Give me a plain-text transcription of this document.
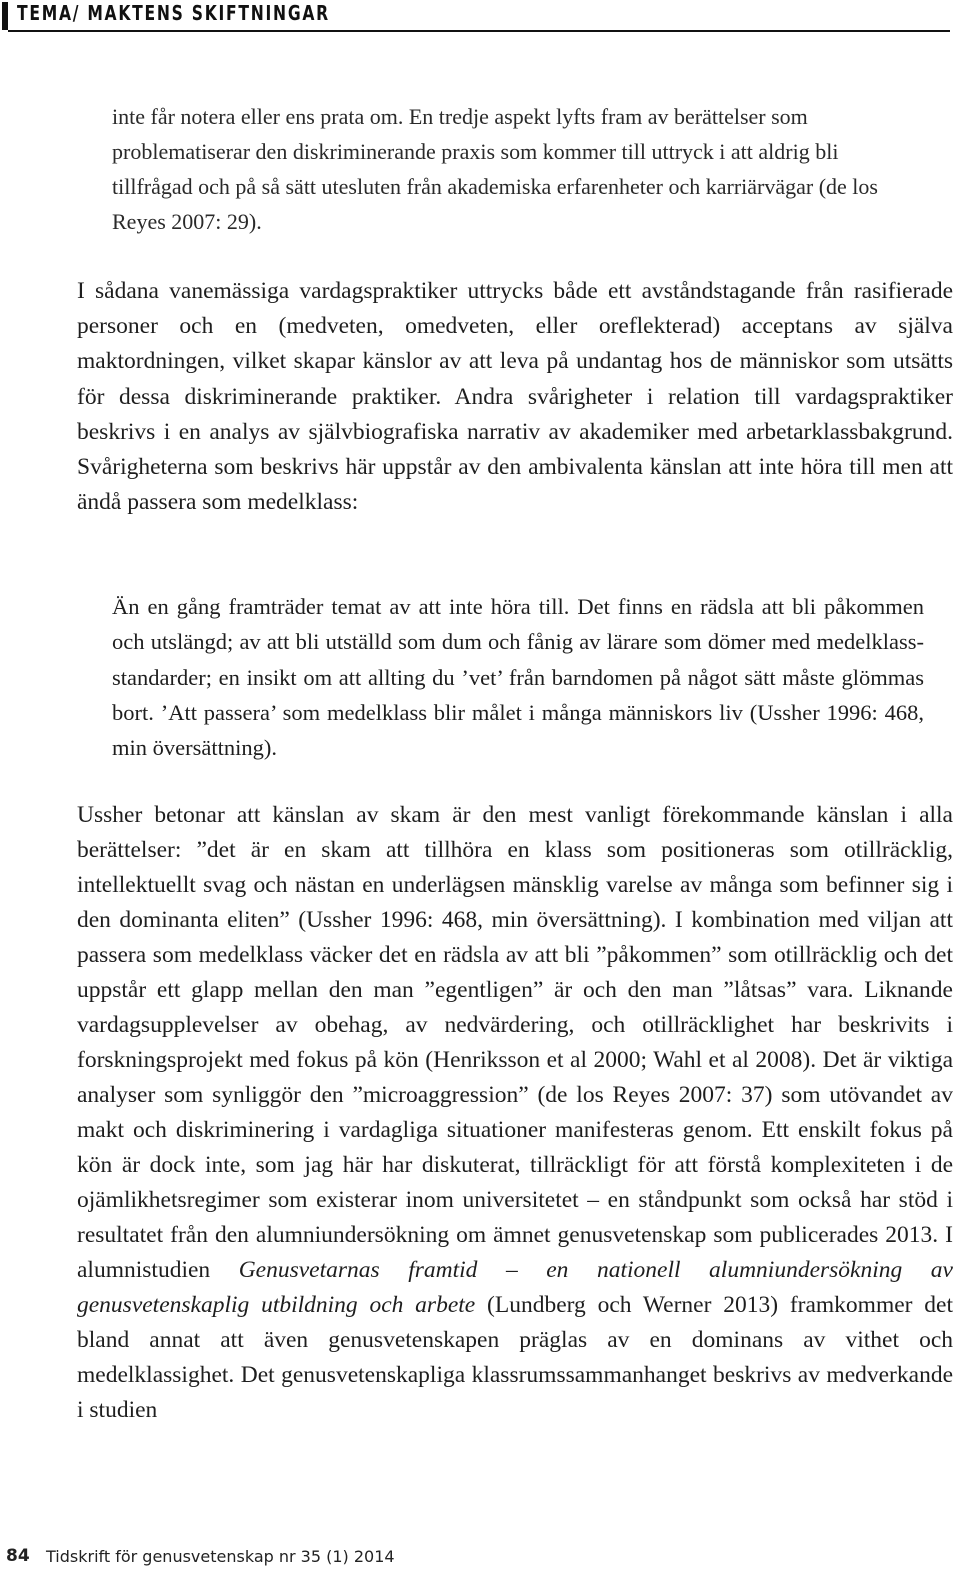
TEMA/ MAKTENS SKIFTNINGAR

inte får notera eller ens prata om. En tredje aspekt lyfts fram av berättelser som problematiserar den diskriminerande praxis som kommer till uttryck i att aldrig bli tillfrågad och på så sätt utesluten från akademiska erfarenheter och karriärvägar (de los Reyes 2007: 29).

I sådana vanemässiga vardagspraktiker uttrycks både ett avståndstagande från rasifierade personer och en (medveten, omedveten, eller oreflekterad) acceptans av själva maktordningen, vilket skapar känslor av att leva på undantag hos de människor som utsätts för dessa diskriminerande praktiker. Andra svårigheter i relation till vardagspraktiker beskrivs i en analys av självbiografiska narrativ av akademiker med arbetarklassbakgrund. Svårigheterna som beskrivs här uppstår av den ambivalenta känslan att inte höra till men att ändå passera som medelklass:

Än en gång framträder temat av att inte höra till. Det finns en rädsla att bli påkommen och utslängd; av att bli utställd som dum och fånig av lärare som dömer med medelklass-standarder; en insikt om att allting du ’vet’ från barndomen på något sätt måste glömmas bort. ’Att passera’ som medelklass blir målet i många människors liv (Ussher 1996: 468, min översättning).

Ussher betonar att känslan av skam är den mest vanligt förekommande känslan i alla berättelser: ”det är en skam att tillhöra en klass som positioneras som otillräcklig, intellektuellt svag och nästan en underlägsen mänsklig varelse av många som befinner sig i den dominanta eliten” (Ussher 1996: 468, min översättning). I kombination med viljan att passera som medelklass väcker det en rädsla av att bli ”påkommen” som otillräcklig och det uppstår ett glapp mellan den man ”egentligen” är och den man ”låtsas” vara. Liknande vardagsupplevelser av obehag, av nedvärdering, och otillräcklighet har beskrivits i forskningsprojekt med fokus på kön (Henriksson et al 2000; Wahl et al 2008). Det är viktiga analyser som synliggör den ”microaggression” (de los Reyes 2007: 37) som utövandet av makt och diskriminering i vardagliga situationer manifesteras genom. Ett enskilt fokus på kön är dock inte, som jag här har diskuterat, tillräckligt för att förstå komplexiteten i de ojämlikhetsregimer som existerar inom universitetet – en ståndpunkt som också har stöd i resultatet från den alumniundersökning om ämnet genusvetenskap som publicerades 2013. I alumnistudien Genusvetarnas framtid – en nationell alumniundersökning av genusvetenskaplig utbildning och arbete (Lundberg och Werner 2013) framkommer det bland annat att även genusvetenskapen präglas av en dominans av vithet och medelklassighet. Det genusvetenskapliga klassrumssammanhanget beskrivs av medverkande i studien

84 Tidskrift för genusvetenskap nr 35 (1) 2014
